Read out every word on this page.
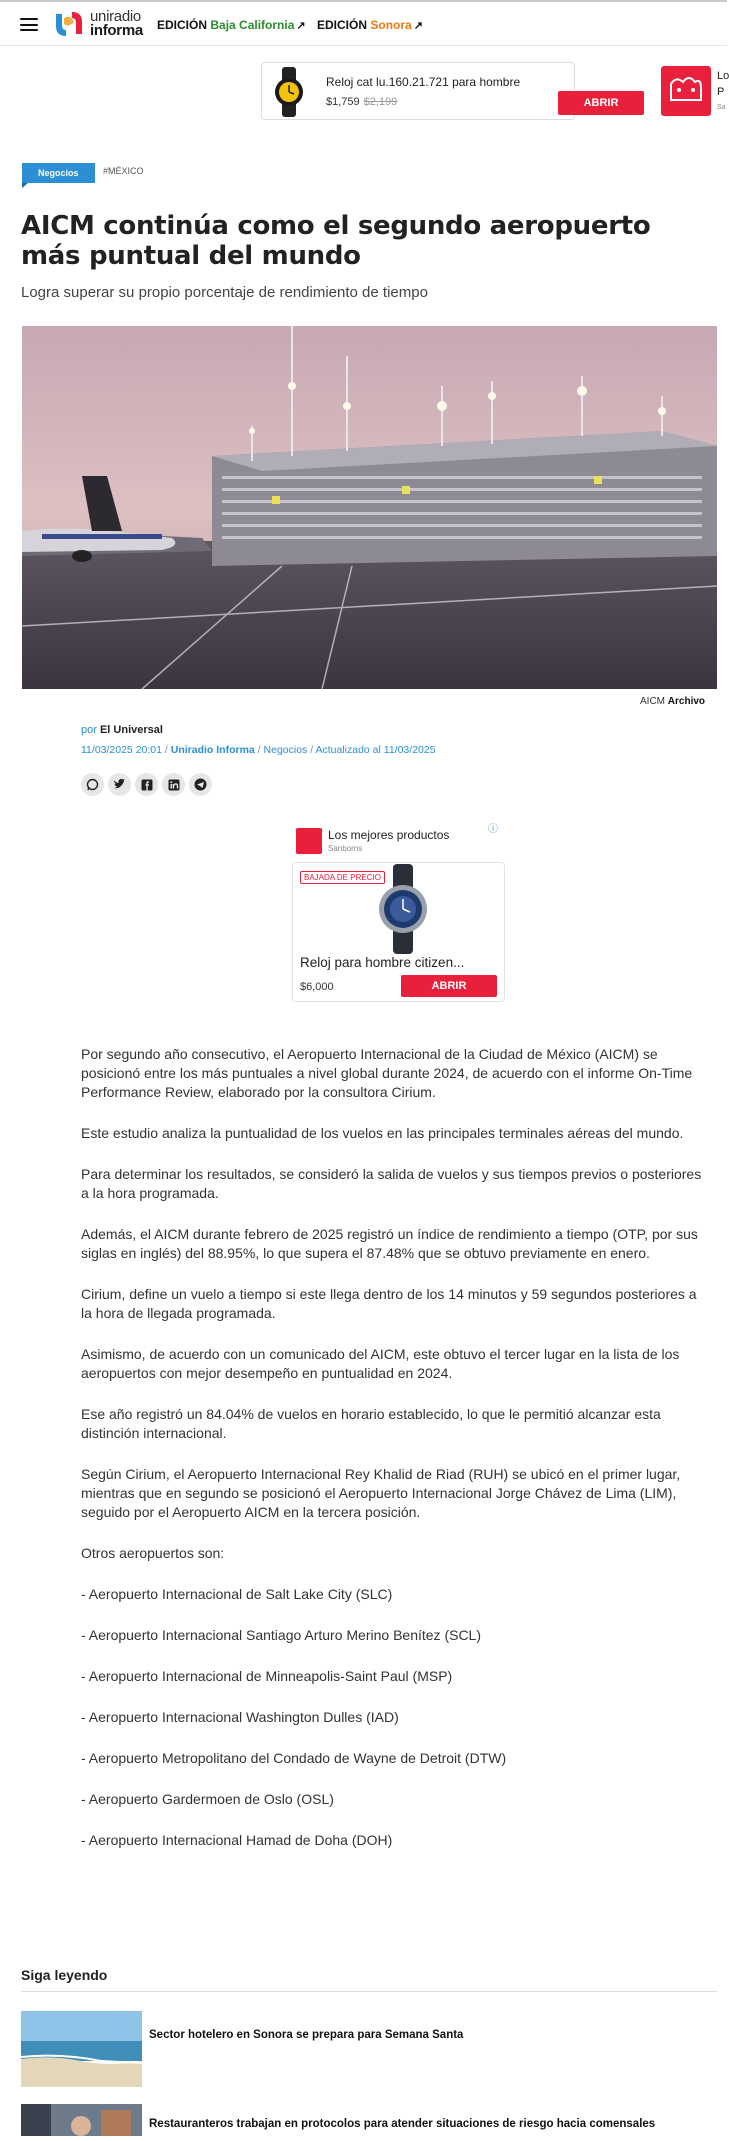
uniradio
informa EDICIÓN Baja California ↗ EDICIÓN Sonora ↗
Reloj cat lu.160.21.721 para hombre
$1,759 $2,199	ABRIR
Lo
P
Sa
Negocios	#MÉXICO
AICM continúa como el segundo aeropuerto más puntual del mundo
Logra superar su propio porcentaje de rendimiento de tiempo
AICM Archivo
por El Universal
11/03/2025 20:01 / Uniradio Informa / Negocios / Actualizado al 11/03/2025
Los mejores productos
Sanborns
ⓘ
BAJADA DE PRECIO
Reloj para hombre citizen...
$6,000	ABRIR

Por segundo año consecutivo, el Aeropuerto Internacional de la Ciudad de México (AICM) se posicionó entre los más puntuales a nivel global durante 2024, de acuerdo con el informe On-Time Performance Review, elaborado por la consultora Cirium.

Este estudio analiza la puntualidad de los vuelos en las principales terminales aéreas del mundo.

Para determinar los resultados, se consideró la salida de vuelos y sus tiempos previos o posteriores a la hora programada.

Además, el AICM durante febrero de 2025 registró un índice de rendimiento a tiempo (OTP, por sus siglas en inglés) del 88.95%, lo que supera el 87.48% que se obtuvo previamente en enero.

Cirium, define un vuelo a tiempo si este llega dentro de los 14 minutos y 59 segundos posteriores a la hora de llegada programada.

Asimismo, de acuerdo con un comunicado del AICM, este obtuvo el tercer lugar en la lista de los aeropuertos con mejor desempeño en puntualidad en 2024.

Ese año registró un 84.04% de vuelos en horario establecido, lo que le permitió alcanzar esta distinción internacional.

Según Cirium, el Aeropuerto Internacional Rey Khalid de Riad (RUH) se ubicó en el primer lugar, mientras que en segundo se posicionó el Aeropuerto Internacional Jorge Chávez de Lima (LIM), seguido por el Aeropuerto AICM en la tercera posición.

Otros aeropuertos son:

- Aeropuerto Internacional de Salt Lake City (SLC)

- Aeropuerto Internacional Santiago Arturo Merino Benítez (SCL)

- Aeropuerto Internacional de Minneapolis-Saint Paul (MSP)

- Aeropuerto Internacional Washington Dulles (IAD)

- Aeropuerto Metropolitano del Condado de Wayne de Detroit (DTW)

- Aeropuerto Gardermoen de Oslo (OSL)

- Aeropuerto Internacional Hamad de Doha (DOH)

Siga leyendo
Sector hotelero en Sonora se prepara para Semana Santa
Restauranteros trabajan en protocolos para atender situaciones de riesgo hacia comensales
